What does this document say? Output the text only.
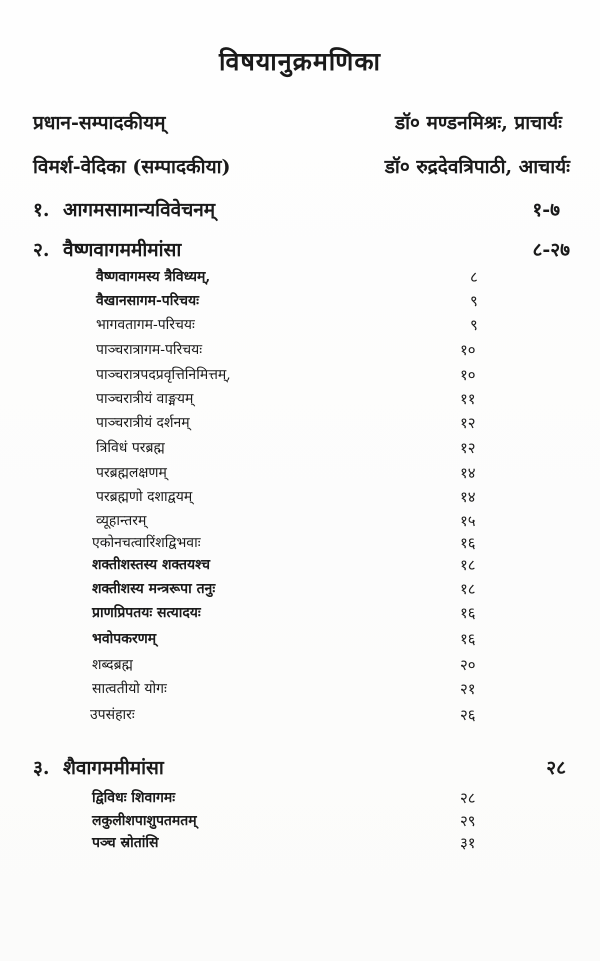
विषयानुक्रमणिका
प्रधान-सम्पादकीयम्	डॉ० मण्डनमिश्रः, प्राचार्यः
विमर्श-वेदिका (सम्पादकीया)	डॉ० रुद्रदेवत्रिपाठी, आचार्यः
१. आगमसामान्यविवेचनम्	१-७
२. वैष्णवागममीमांसा	८-२७
वैष्णवागमस्य त्रैविध्यम्,	८
वैखानसागम-परिचयः	९
भागवतागम-परिचयः	९
पाञ्चरात्रागम-परिचयः	१०
पाञ्चरात्रपदप्रवृत्तिनिमित्तम्,	१०
पाञ्चरात्रीयं वाङ्मयम्	११
पाञ्चरात्रीयं दर्शनम्	१२
त्रिविधं परब्रह्म	१२
परब्रह्मलक्षणम्	१४
परब्रह्मणो दशाद्वयम्	१४
व्यूहान्तरम्	१५
एकोनचत्वारिंशद्विभवाः	१६
शक्तीशस्तस्य शक्तयश्च	१८
शक्तीशस्य मन्त्ररूपा तनुः	१८
प्राणप्रिपतयः सत्यादयः	१६
भवोपकरणम्	१६
शब्दब्रह्म	२०
सात्वतीयो योगः	२१
उपसंहारः	२६
३. शैवागममीमांसा	२८
द्विविधः शिवागमः	२८
लकुलीशपाशुपतमतम्	२९
पञ्च स्रोतांसि	३१
